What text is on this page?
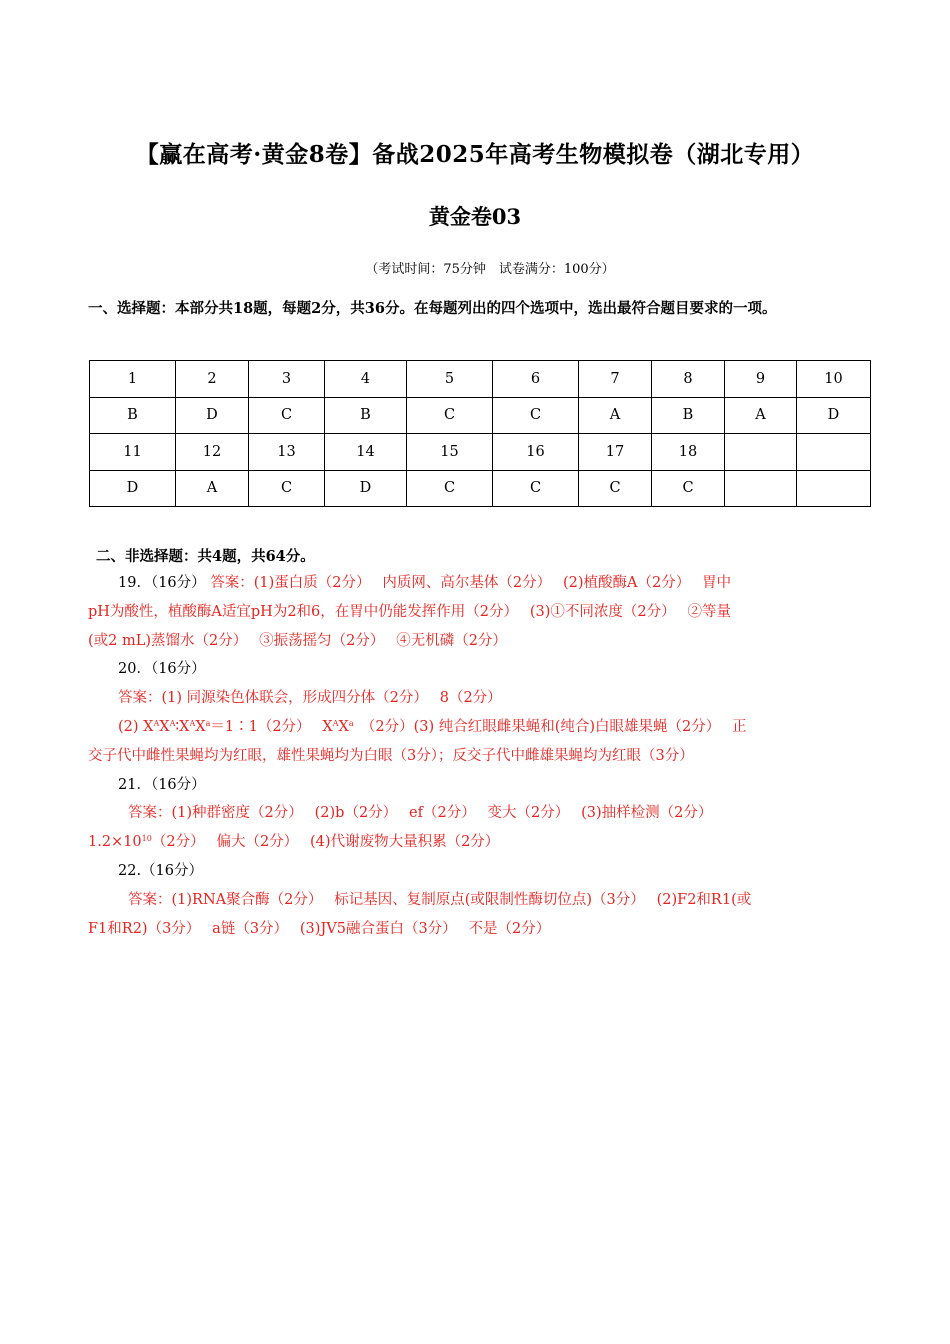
【赢在高考·黄金8卷】备战2025年高考生物模拟卷（湖北专用）
黄金卷03
（考试时间：75分钟　试卷满分：100分）
一、选择题：本部分共18题，每题2分，共36分。在每题列出的四个选项中，选出最符合题目要求的一项。
1	2	3	4	5	6	7	8	9	10
B	D	C	B	C	C	A	B	A	D
11	12	13	14	15	16	17	18		
D	A	C	D	C	C	C	C		
二、非选择题：共4题，共64分。
19．（16分） 答案：(1)蛋白质（2分）　 内质网、高尔基体（2分）　 (2)植酸酶A（2分）　 胃中
pH为酸性，植酸酶A适宜pH为2和6，在胃中仍能发挥作用（2分）　 (3)①不同浓度（2分）　 ②等量
(或2 mL)蒸馏水（2分）　 ③振荡摇匀（2分）　 ④无机磷（2分）
20．（16分）
答案：(1) 同源染色体联会，形成四分体（2分）　 8（2分）
(2) $X^AX^A∶X^AX^a=1∶1(2$分）　 $X^AX^a$　（2分）(3) 纯合红眼雌果蝇和(纯合)白眼雄果蝇（2分）　 正
交子代中雌性果蝇均为红眼，雄性果蝇均为白眼（3分）；反交子代中雌雄果蝇均为红眼（3分）
21．（16分）
答案：(1)种群密度（2分）　 (2)b（2分）　 ef（2分）　 变大（2分）　 (3)抽样检测（2分）
$1.2\times 10^{10}(2$分）　 偏大（2分）　 (4)代谢废物大量积累（2分）
22.（16分）
答案：(1)RNA聚合酶（2分）　 标记基因、复制原点(或限制性酶切位点)（3分）　 (2)F2和R1(或
F1和R2)（3分）　 a链（3分）　 (3)JV5融合蛋白（3分）　 不是（2分）
